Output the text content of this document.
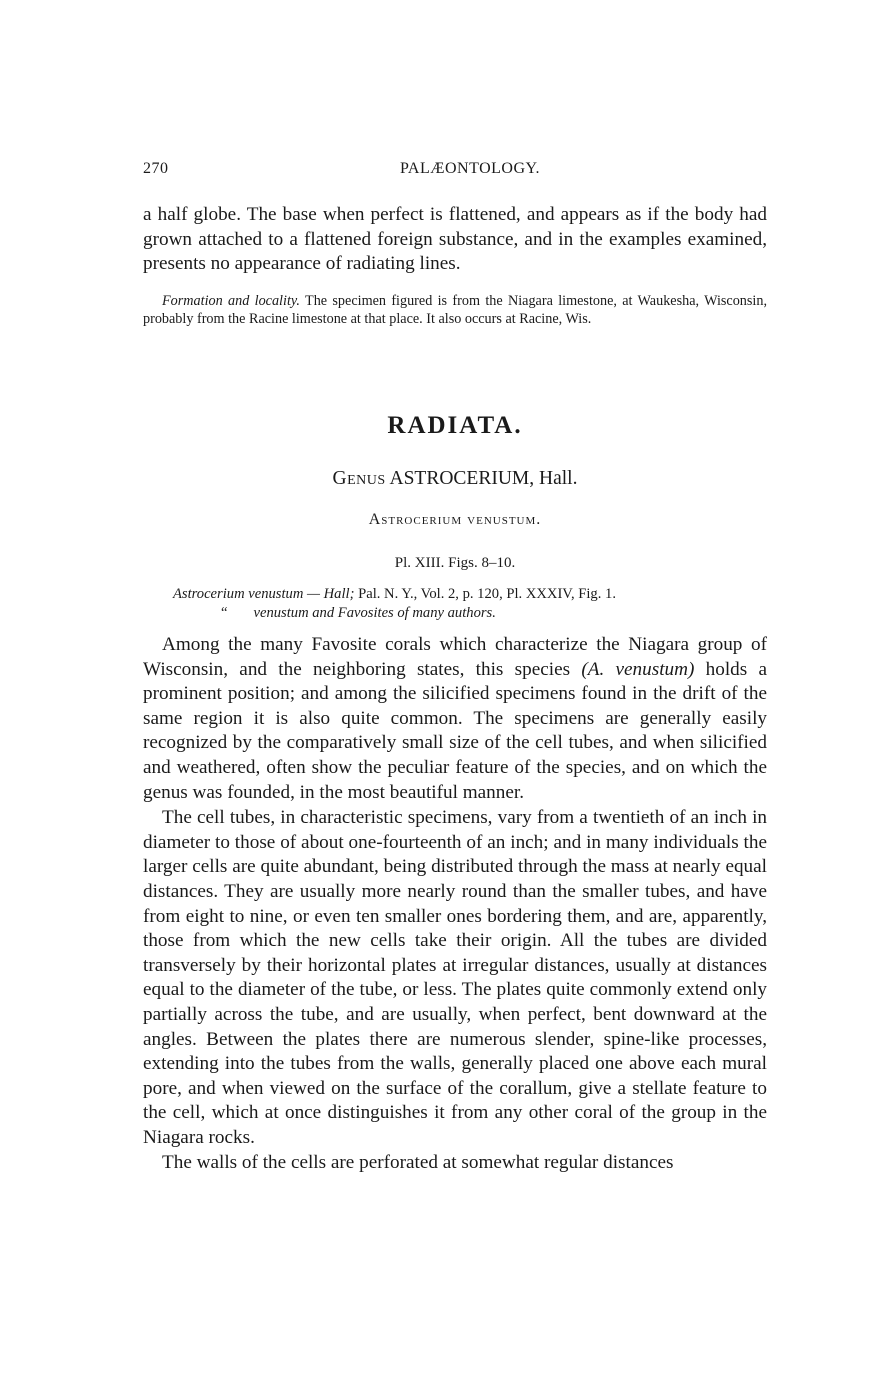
270	PALÆONTOLOGY.

a half globe. The base when perfect is flattened, and appears as if the body had grown attached to a flattened foreign substance, and in the examples examined, presents no appearance of radiating lines.

Formation and locality. The specimen figured is from the Niagara limestone, at Waukesha, Wisconsin, probably from the Racine limestone at that place. It also occurs at Racine, Wis.

RADIATA.
Genus ASTROCERIUM, Hall.
Astrocerium venustum.
Pl. XIII. Figs. 8–10.
Astrocerium venustum — Hall; Pal. N. Y., Vol. 2, p. 120, Pl. XXXIV, Fig. 1.
“ venustum and Favosites of many authors.

Among the many Favosite corals which characterize the Niagara group of Wisconsin, and the neighboring states, this species (A. venustum) holds a prominent position; and among the silicified specimens found in the drift of the same region it is also quite common. The specimens are generally easily recognized by the comparatively small size of the cell tubes, and when silicified and weathered, often show the peculiar feature of the species, and on which the genus was founded, in the most beautiful manner.

The cell tubes, in characteristic specimens, vary from a twentieth of an inch in diameter to those of about one-fourteenth of an inch; and in many individuals the larger cells are quite abundant, being distributed through the mass at nearly equal distances. They are usually more nearly round than the smaller tubes, and have from eight to nine, or even ten smaller ones bordering them, and are, apparently, those from which the new cells take their origin. All the tubes are divided transversely by their horizontal plates at irregular distances, usually at distances equal to the diameter of the tube, or less. The plates quite commonly extend only partially across the tube, and are usually, when perfect, bent downward at the angles. Between the plates there are numerous slender, spine-like processes, extending into the tubes from the walls, generally placed one above each mural pore, and when viewed on the surface of the corallum, give a stellate feature to the cell, which at once distinguishes it from any other coral of the group in the Niagara rocks.

The walls of the cells are perforated at somewhat regular distances
